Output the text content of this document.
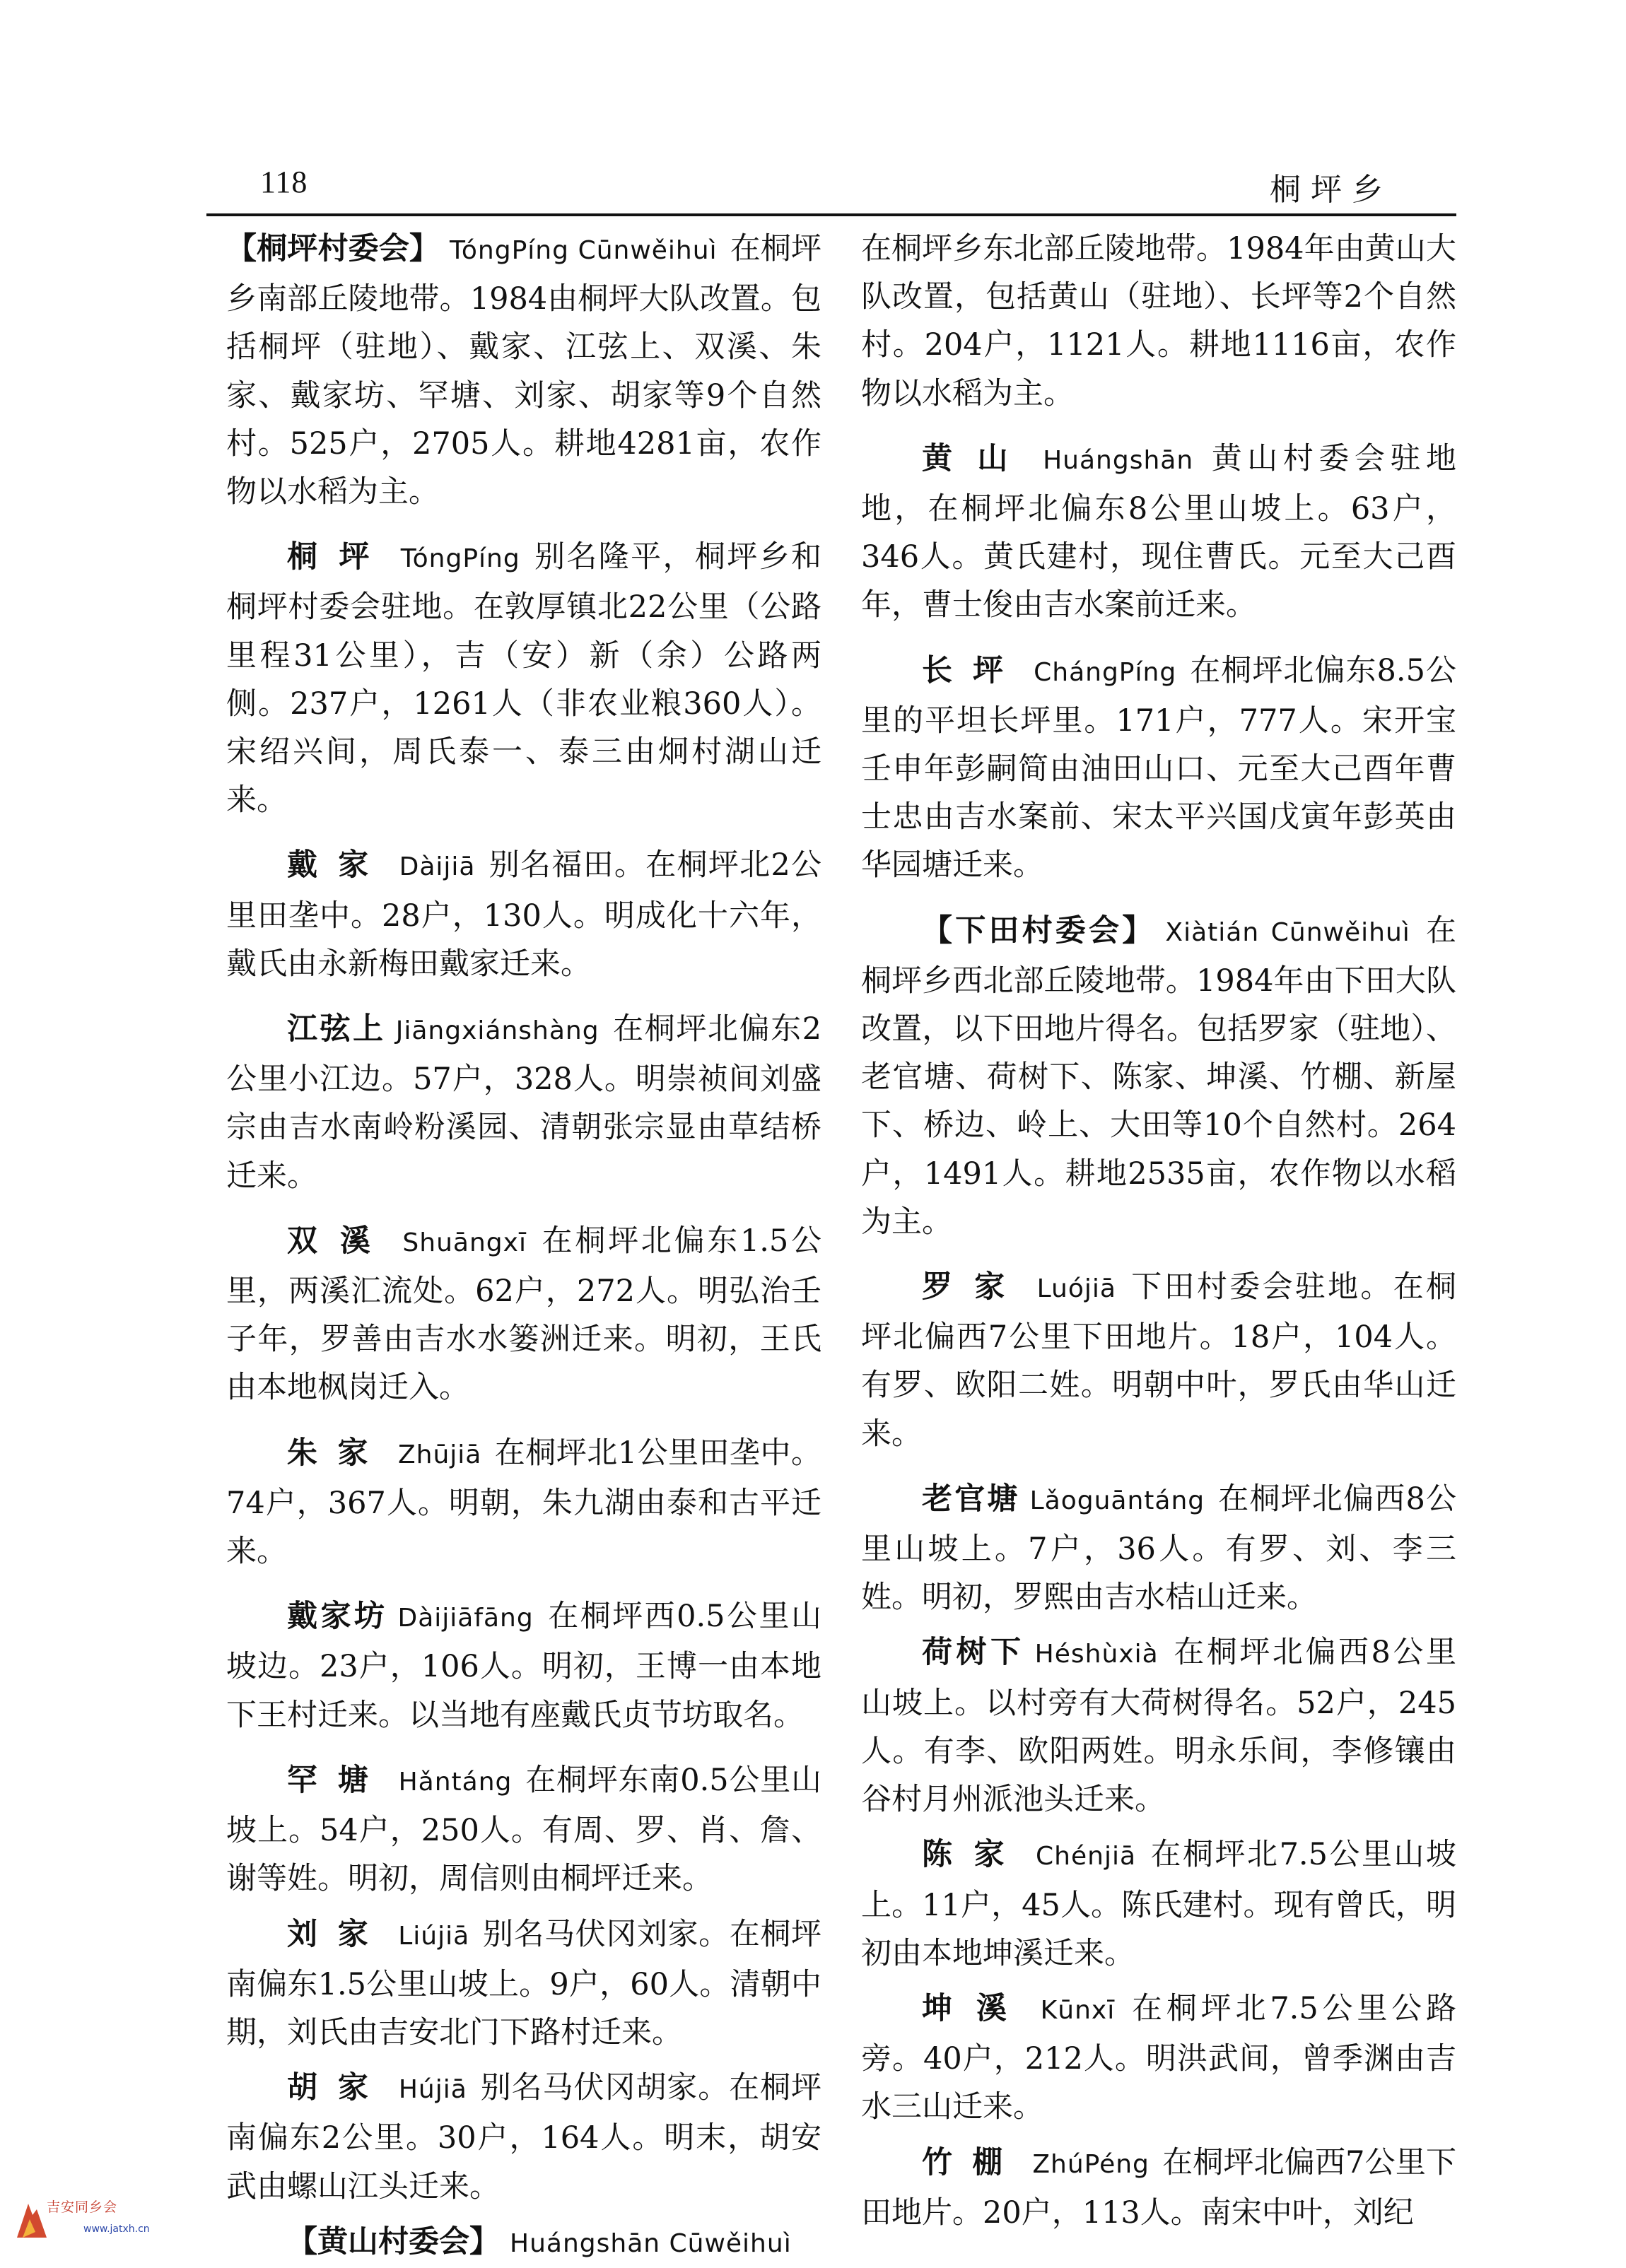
118	桐坪乡

【桐坪村委会】 TóngPíng Cūnwěihuì 在桐坪乡南部丘陵地带。1984由桐坪大队改置。包括桐坪（驻地）、戴家、江弦上、双溪、朱家、戴家坊、罕塘、刘家、胡家等9个自然村。525户，2705人。耕地4281亩，农作物以水稻为主。

桐坪 TóngPíng 别名隆平，桐坪乡和桐坪村委会驻地。在敦厚镇北22公里（公路里程31公里），吉（安）新（余）公路两侧。237户，1261人（非农业粮360人）。宋绍兴间，周氏泰一、泰三由炯村湖山迁来。

戴家 Dàijiā 别名福田。在桐坪北2公里田垄中。28户，130人。明成化十六年，戴氏由永新梅田戴家迁来。

江弦上 Jiāngxiánshàng 在桐坪北偏东2公里小江边。57户，328人。明崇祯间刘盛宗由吉水南岭粉溪园、清朝张宗显由草结桥迁来。

双溪 Shuāngxī 在桐坪北偏东1.5公里，两溪汇流处。62户，272人。明弘治壬子年，罗善由吉水水篓洲迁来。明初，王氏由本地枫岗迁入。

朱家 Zhūjiā 在桐坪北1公里田垄中。74户，367人。明朝，朱九湖由泰和古平迁来。

戴家坊 Dàijiāfāng 在桐坪西0.5公里山坡边。23户，106人。明初，王博一由本地下王村迁来。以当地有座戴氏贞节坊取名。

罕塘 Hǎntáng 在桐坪东南0.5公里山坡上。54户，250人。有周、罗、肖、詹、谢等姓。明初，周信则由桐坪迁来。

刘家 Liújiā 别名马伏冈刘家。在桐坪南偏东1.5公里山坡上。9户，60人。清朝中期，刘氏由吉安北门下路村迁来。

胡家 Hújiā 别名马伏冈胡家。在桐坪南偏东2公里。30户，164人。明末，胡安武由螺山江头迁来。

【黄山村委会】 Huángshān Cūwěihuì

在桐坪乡东北部丘陵地带。1984年由黄山大队改置，包括黄山（驻地）、长坪等2个自然村。204户，1121人。耕地1116亩，农作物以水稻为主。

黄山 Huángshān 黄山村委会驻地地，在桐坪北偏东8公里山坡上。63户，346人。黄氏建村，现住曹氏。元至大己酉年，曹士俊由吉水案前迁来。

长坪 ChángPíng 在桐坪北偏东8.5公里的平坦长坪里。171户，777人。宋开宝壬申年彭嗣简由油田山口、元至大己酉年曹士忠由吉水案前、宋太平兴国戊寅年彭英由华园塘迁来。

【下田村委会】 Xiàtián Cūnwěihuì 在桐坪乡西北部丘陵地带。1984年由下田大队改置，以下田地片得名。包括罗家（驻地）、老官塘、荷树下、陈家、坤溪、竹棚、新屋下、桥边、岭上、大田等10个自然村。264户，1491人。耕地2535亩，农作物以水稻为主。

罗家 Luójiā 下田村委会驻地。在桐坪北偏西7公里下田地片。18户，104人。有罗、欧阳二姓。明朝中叶，罗氏由华山迁来。

老官塘 Lǎoguāntáng 在桐坪北偏西8公里山坡上。7户，36人。有罗、刘、李三姓。明初，罗熙由吉水桔山迁来。

荷树下 Héshùxià 在桐坪北偏西8公里山坡上。以村旁有大荷树得名。52户，245人。有李、欧阳两姓。明永乐间，李修镶由谷村月州派池头迁来。

陈家 Chénjiā 在桐坪北7.5公里山坡上。11户，45人。陈氏建村。现有曾氏，明初由本地坤溪迁来。

坤溪 Kūnxī 在桐坪北7.5公里公路旁。40户，212人。明洪武间，曾季渊由吉水三山迁来。

竹棚 ZhúPéng 在桐坪北偏西7公里下田地片。20户，113人。南宋中叶，刘纪

吉安同乡会
www.jatxh.cn
